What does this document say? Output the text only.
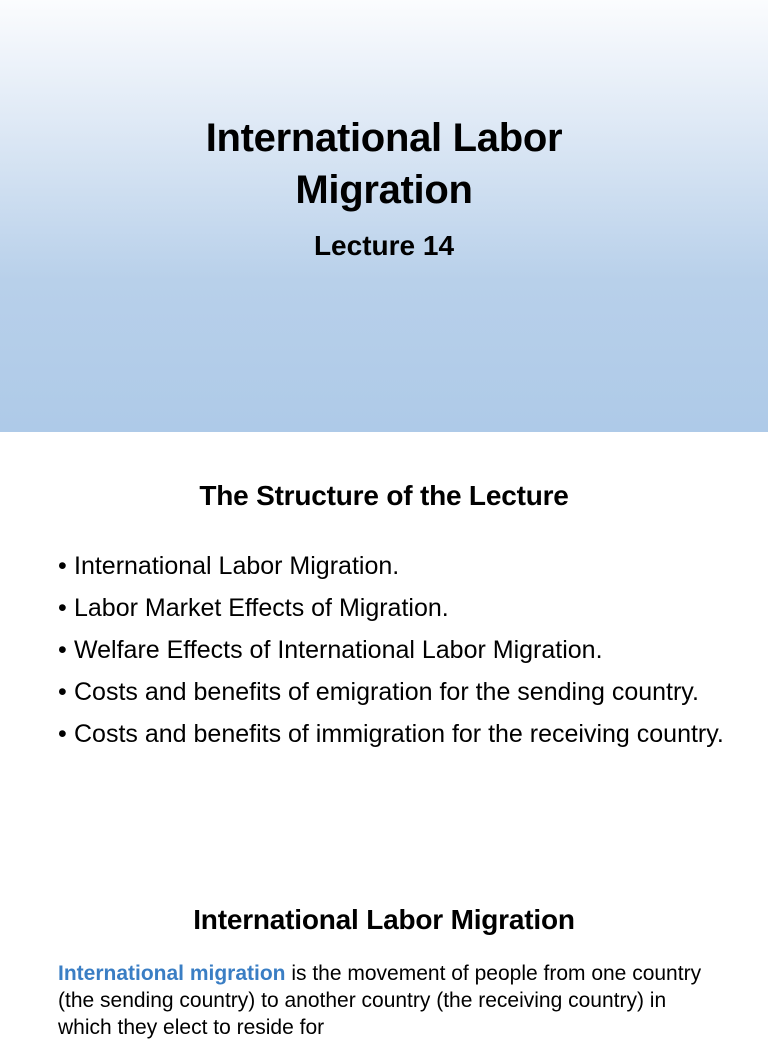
International Labor
Migration
Lecture 14
The Structure of the Lecture
• International Labor Migration.
• Labor Market Effects of Migration.
• Welfare Effects of International Labor Migration.
• Costs and benefits of emigration for the sending country.
• Costs and benefits of immigration for the receiving country.
International Labor Migration

International migration is the movement of people from one country (the sending country) to another country (the receiving country) in which they elect to reside for
